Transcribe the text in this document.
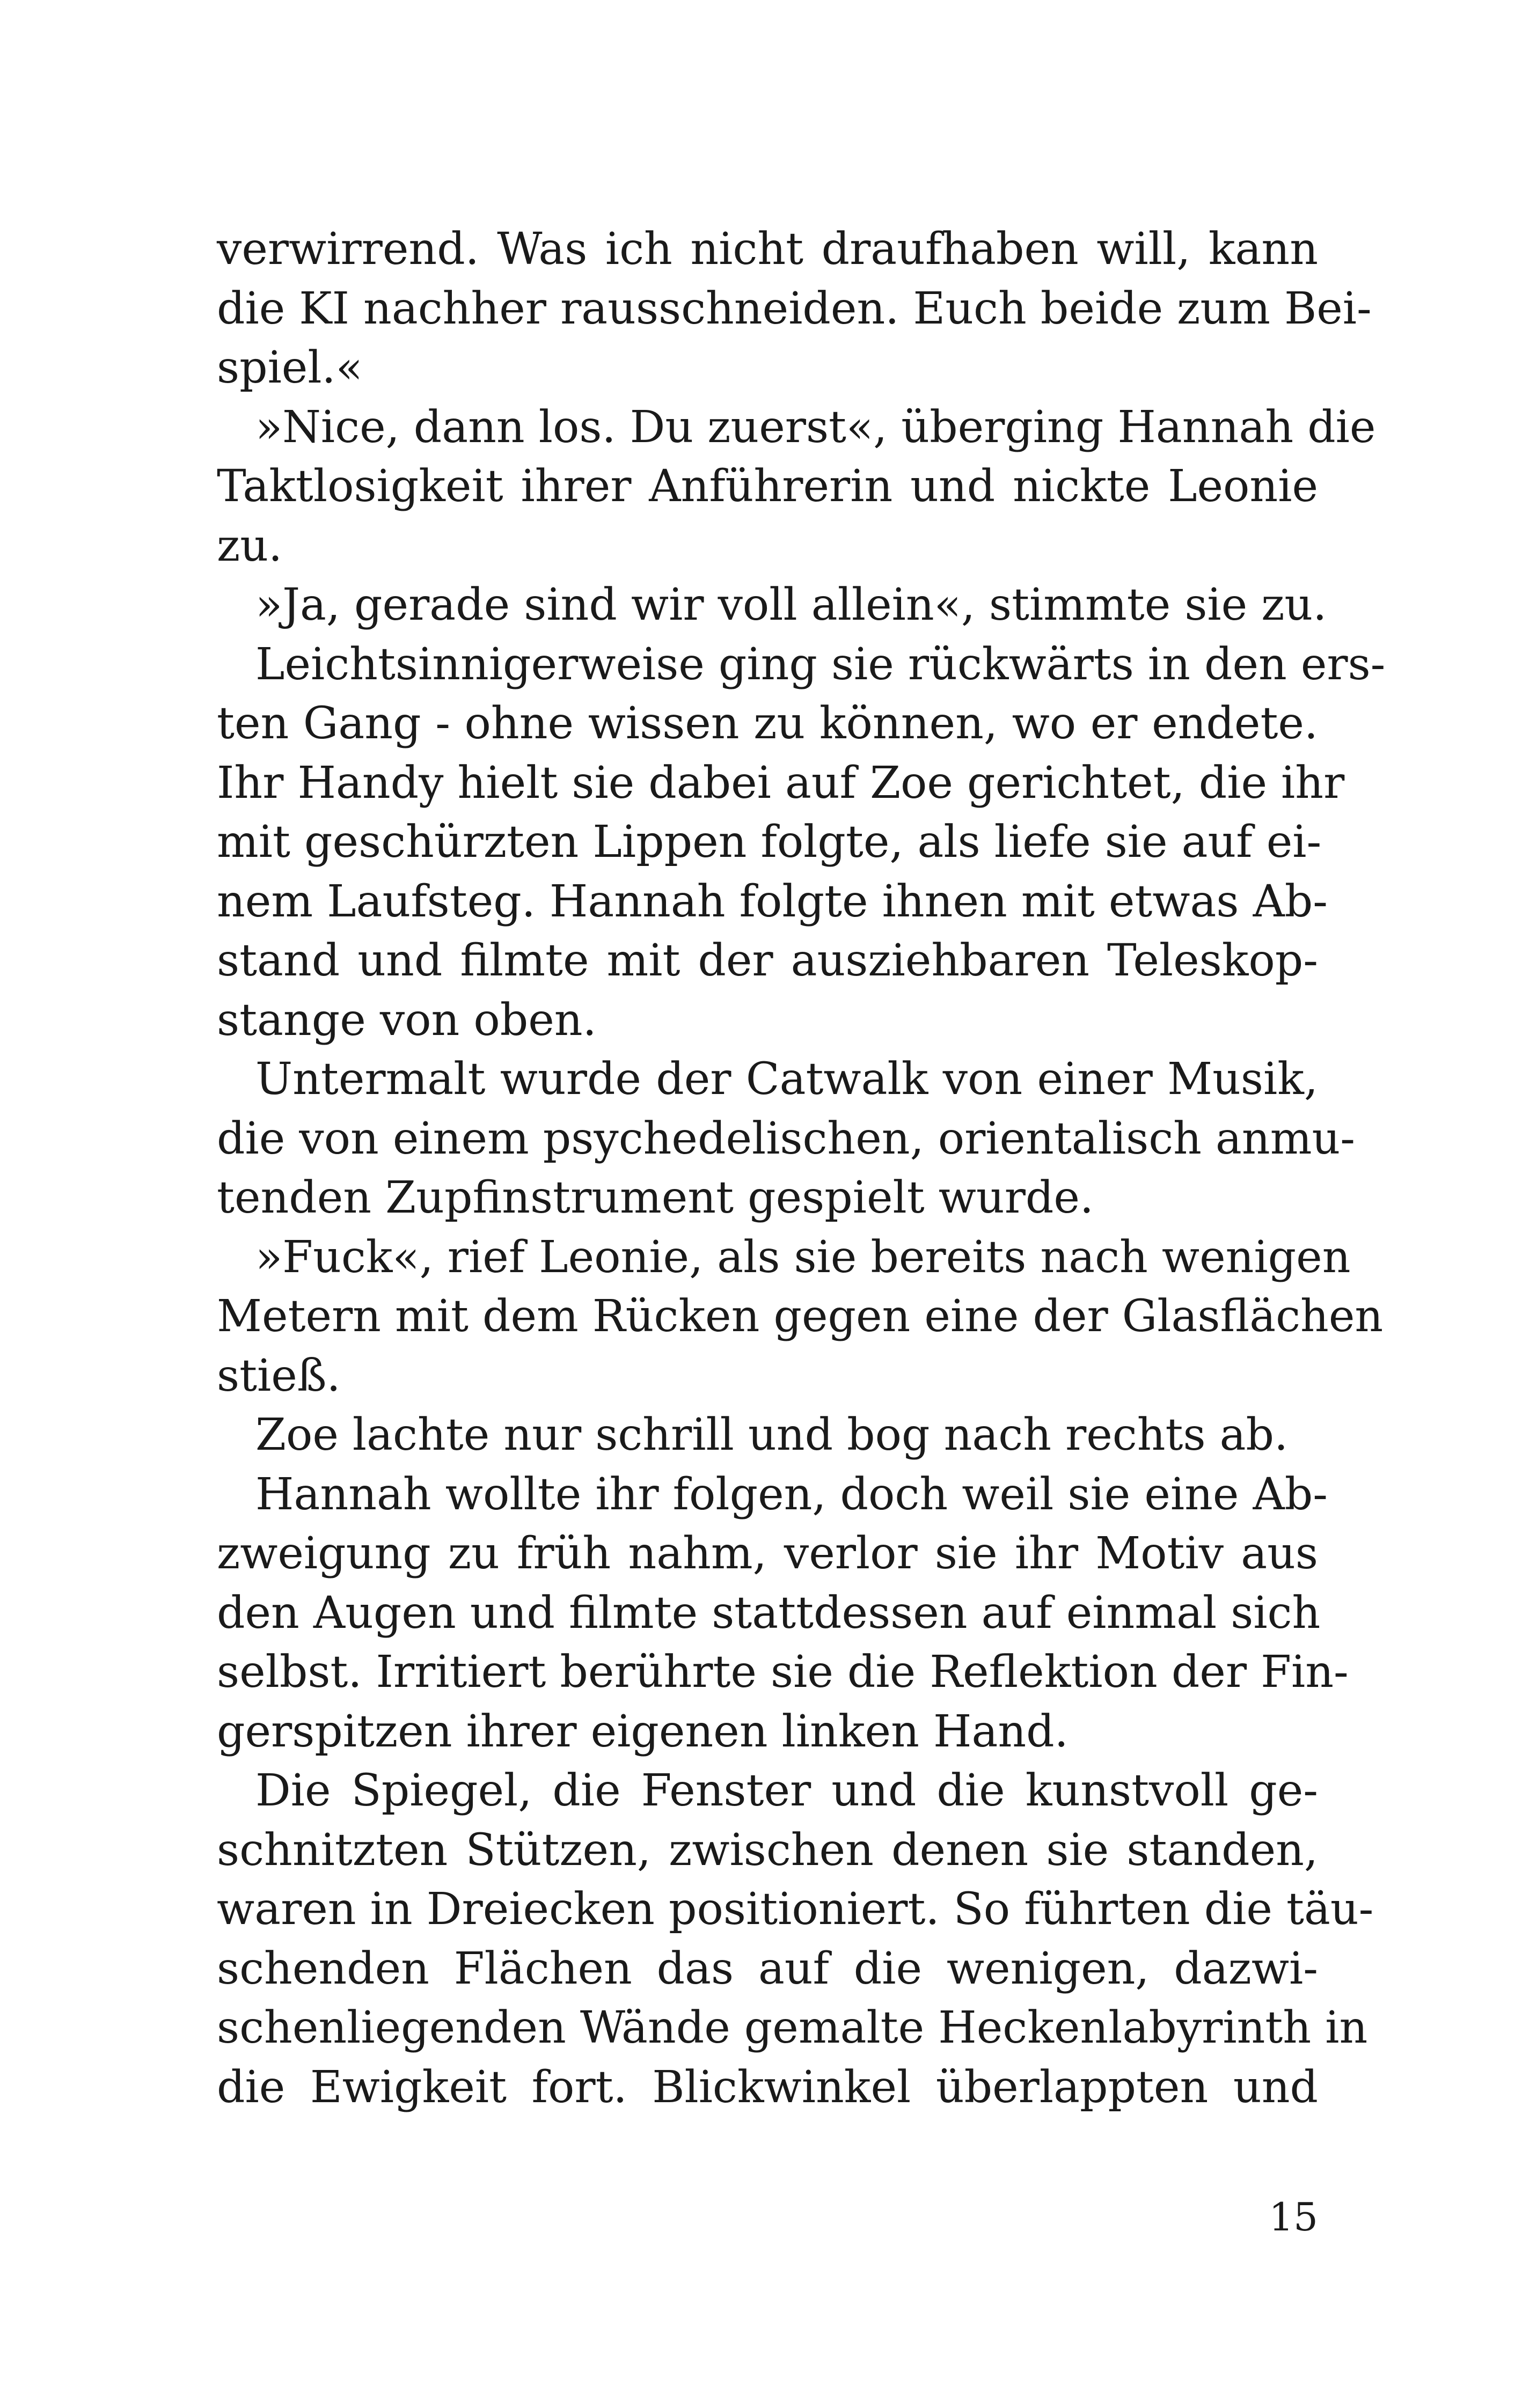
verwirrend. Was ich nicht draufhaben will, kann
die KI nachher rausschneiden. Euch beide zum Bei-
spiel.«
»Nice, dann los. Du zuerst«, überging Hannah die
Taktlosigkeit ihrer Anführerin und nickte Leonie
zu.
»Ja, gerade sind wir voll allein«, stimmte sie zu.
Leichtsinnigerweise ging sie rückwärts in den ers-
ten Gang - ohne wissen zu können, wo er endete.
Ihr Handy hielt sie dabei auf Zoe gerichtet, die ihr
mit geschürzten Lippen folgte, als liefe sie auf ei-
nem Laufsteg. Hannah folgte ihnen mit etwas Ab-
stand und filmte mit der ausziehbaren Teleskop-
stange von oben.
Untermalt wurde der Catwalk von einer Musik,
die von einem psychedelischen, orientalisch anmu-
tenden Zupfinstrument gespielt wurde.
»Fuck«, rief Leonie, als sie bereits nach wenigen
Metern mit dem Rücken gegen eine der Glasflächen
stieß.
Zoe lachte nur schrill und bog nach rechts ab.
Hannah wollte ihr folgen, doch weil sie eine Ab-
zweigung zu früh nahm, verlor sie ihr Motiv aus
den Augen und filmte stattdessen auf einmal sich
selbst. Irritiert berührte sie die Reflektion der Fin-
gerspitzen ihrer eigenen linken Hand.
Die Spiegel, die Fenster und die kunstvoll ge-
schnitzten Stützen, zwischen denen sie standen,
waren in Dreiecken positioniert. So führten die täu-
schenden Flächen das auf die wenigen, dazwi-
schenliegenden Wände gemalte Heckenlabyrinth in
die Ewigkeit fort. Blickwinkel überlappten und
15
